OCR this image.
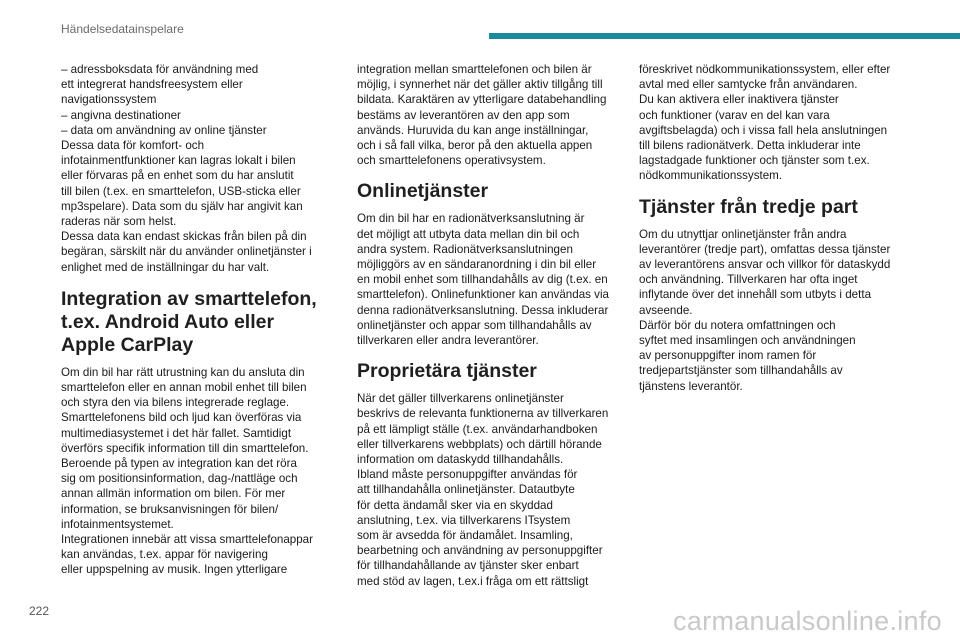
Händelsedatainspelare

– adressboksdata för användning med
ett integrerat handsfreesystem eller
navigationssystem
– angivna destinationer
– data om användning av online tjänster
Dessa data för komfort- och
infotainmentfunktioner kan lagras lokalt i bilen
eller förvaras på en enhet som du har anslutit
till bilen (t.ex. en smarttelefon, USB-sticka eller
mp3spelare). Data som du själv har angivit kan
raderas när som helst.
Dessa data kan endast skickas från bilen på din
begäran, särskilt när du använder onlinetjänster i
enlighet med de inställningar du har valt.

Integration av smarttelefon,
t.ex. Android Auto eller
Apple CarPlay

Om din bil har rätt utrustning kan du ansluta din
smarttelefon eller en annan mobil enhet till bilen
och styra den via bilens integrerade reglage.
Smarttelefonens bild och ljud kan överföras via
multimediasystemet i det här fallet. Samtidigt
överförs specifik information till din smarttelefon.
Beroende på typen av integration kan det röra
sig om positionsinformation, dag-/nattläge och
annan allmän information om bilen. För mer
information, se bruksanvisningen för bilen/
infotainmentsystemet.
Integrationen innebär att vissa smarttelefonappar
kan användas, t.ex. appar för navigering
eller uppspelning av musik. Ingen ytterligare

integration mellan smarttelefonen och bilen är
möjlig, i synnerhet när det gäller aktiv tillgång till
bildata. Karaktären av ytterligare databehandling
bestäms av leverantören av den app som
används. Huruvida du kan ange inställningar,
och i så fall vilka, beror på den aktuella appen
och smarttelefonens operativsystem.

Onlinetjänster

Om din bil har en radionätverksanslutning är
det möjligt att utbyta data mellan din bil och
andra system. Radionätverksanslutningen
möjliggörs av en sändaranordning i din bil eller
en mobil enhet som tillhandahålls av dig (t.ex. en
smarttelefon). Onlinefunktioner kan användas via
denna radionätverksanslutning. Dessa inkluderar
onlinetjänster och appar som tillhandahålls av
tillverkaren eller andra leverantörer.

Proprietära tjänster

När det gäller tillverkarens onlinetjänster
beskrivs de relevanta funktionerna av tillverkaren
på ett lämpligt ställe (t.ex. användarhandboken
eller tillverkarens webbplats) och därtill hörande
information om dataskydd tillhandahålls.
Ibland måste personuppgifter användas för
att tillhandahålla onlinetjänster. Datautbyte
för detta ändamål sker via en skyddad
anslutning, t.ex. via tillverkarens ITsystem
som är avsedda för ändamålet. Insamling,
bearbetning och användning av personuppgifter
för tillhandahållande av tjänster sker enbart
med stöd av lagen, t.ex.i fråga om ett rättsligt

föreskrivet nödkommunikationssystem, eller efter
avtal med eller samtycke från användaren.
Du kan aktivera eller inaktivera tjänster
och funktioner (varav en del kan vara
avgiftsbelagda) och i vissa fall hela anslutningen
till bilens radionätverk. Detta inkluderar inte
lagstadgade funktioner och tjänster som t.ex.
nödkommunikationssystem.

Tjänster från tredje part

Om du utnyttjar onlinetjänster från andra
leverantörer (tredje part), omfattas dessa tjänster
av leverantörens ansvar och villkor för dataskydd
och användning. Tillverkaren har ofta inget
inflytande över det innehåll som utbyts i detta
avseende.
Därför bör du notera omfattningen och
syftet med insamlingen och användningen
av personuppgifter inom ramen för
tredjepartstjänster som tillhandahålls av
tjänstens leverantör.

222	carmanualsonline.info
